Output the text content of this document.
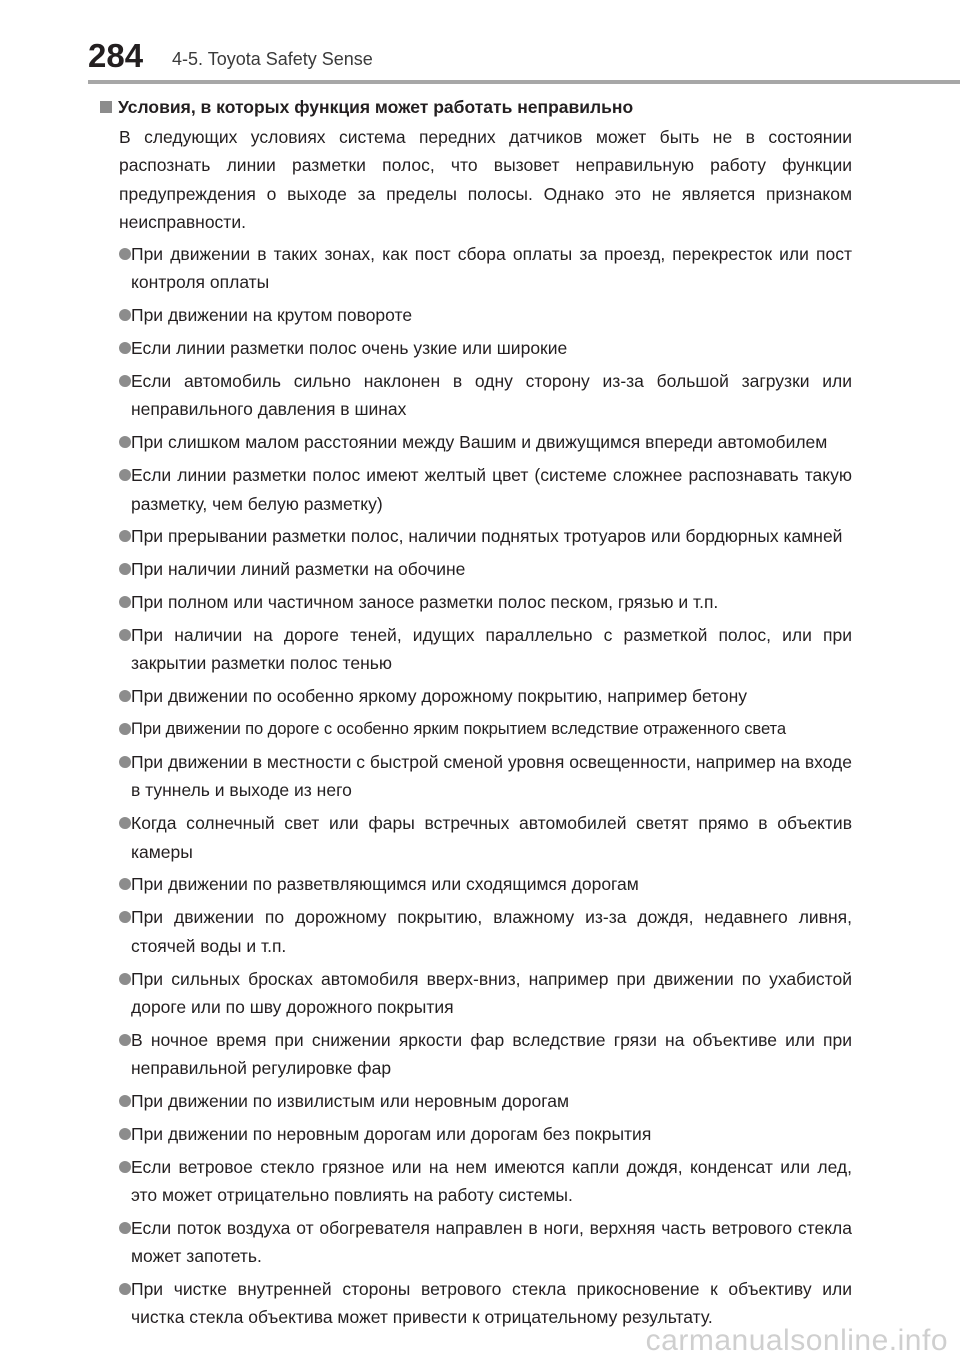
284 4-5. Toyota Safety Sense
Условия, в которых функция может работать неправильно

В следующих условиях система передних датчиков может быть не в состоянии распознать линии разметки полос, что вызовет неправильную работу функции предупреждения о выходе за пределы полосы. Однако это не является признаком неисправности.

При движении в таких зонах, как пост сбора оплаты за проезд, перекресток или пост контроля оплаты
При движении на крутом повороте
Если линии разметки полос очень узкие или широкие
Если автомобиль сильно наклонен в одну сторону из-за большой загрузки или неправильного давления в шинах
При слишком малом расстоянии между Вашим и движущимся впереди автомобилем
Если линии разметки полос имеют желтый цвет (системе сложнее распознавать такую разметку, чем белую разметку)
При прерывании разметки полос, наличии поднятых тротуаров или бордюрных камней
При наличии линий разметки на обочине
При полном или частичном заносе разметки полос песком, грязью и т.п.
При наличии на дороге теней, идущих параллельно с разметкой полос, или при закрытии разметки полос тенью
При движении по особенно яркому дорожному покрытию, например бетону
При движении по дороге с особенно ярким покрытием вследствие отраженного света
При движении в местности с быстрой сменой уровня освещенности, например на входе в туннель и выходе из него
Когда солнечный свет или фары встречных автомобилей светят прямо в объектив камеры
При движении по разветвляющимся или сходящимся дорогам
При движении по дорожному покрытию, влажному из-за дождя, недавнего ливня, стоячей воды и т.п.
При сильных бросках автомобиля вверх-вниз, например при движении по ухабистой дороге или по шву дорожного покрытия
В ночное время при снижении яркости фар вследствие грязи на объективе или при неправильной регулировке фар
При движении по извилистым или неровным дорогам
При движении по неровным дорогам или дорогам без покрытия
Если ветровое стекло грязное или на нем имеются капли дождя, конденсат или лед, это может отрицательно повлиять на работу системы.
Если поток воздуха от обогревателя направлен в ноги, верхняя часть ветрового стекла может запотеть.
При чистке внутренней стороны ветрового стекла прикосновение к объективу или чистка стекла объектива может привести к отрицательному результату.
carmanualsonline.info
